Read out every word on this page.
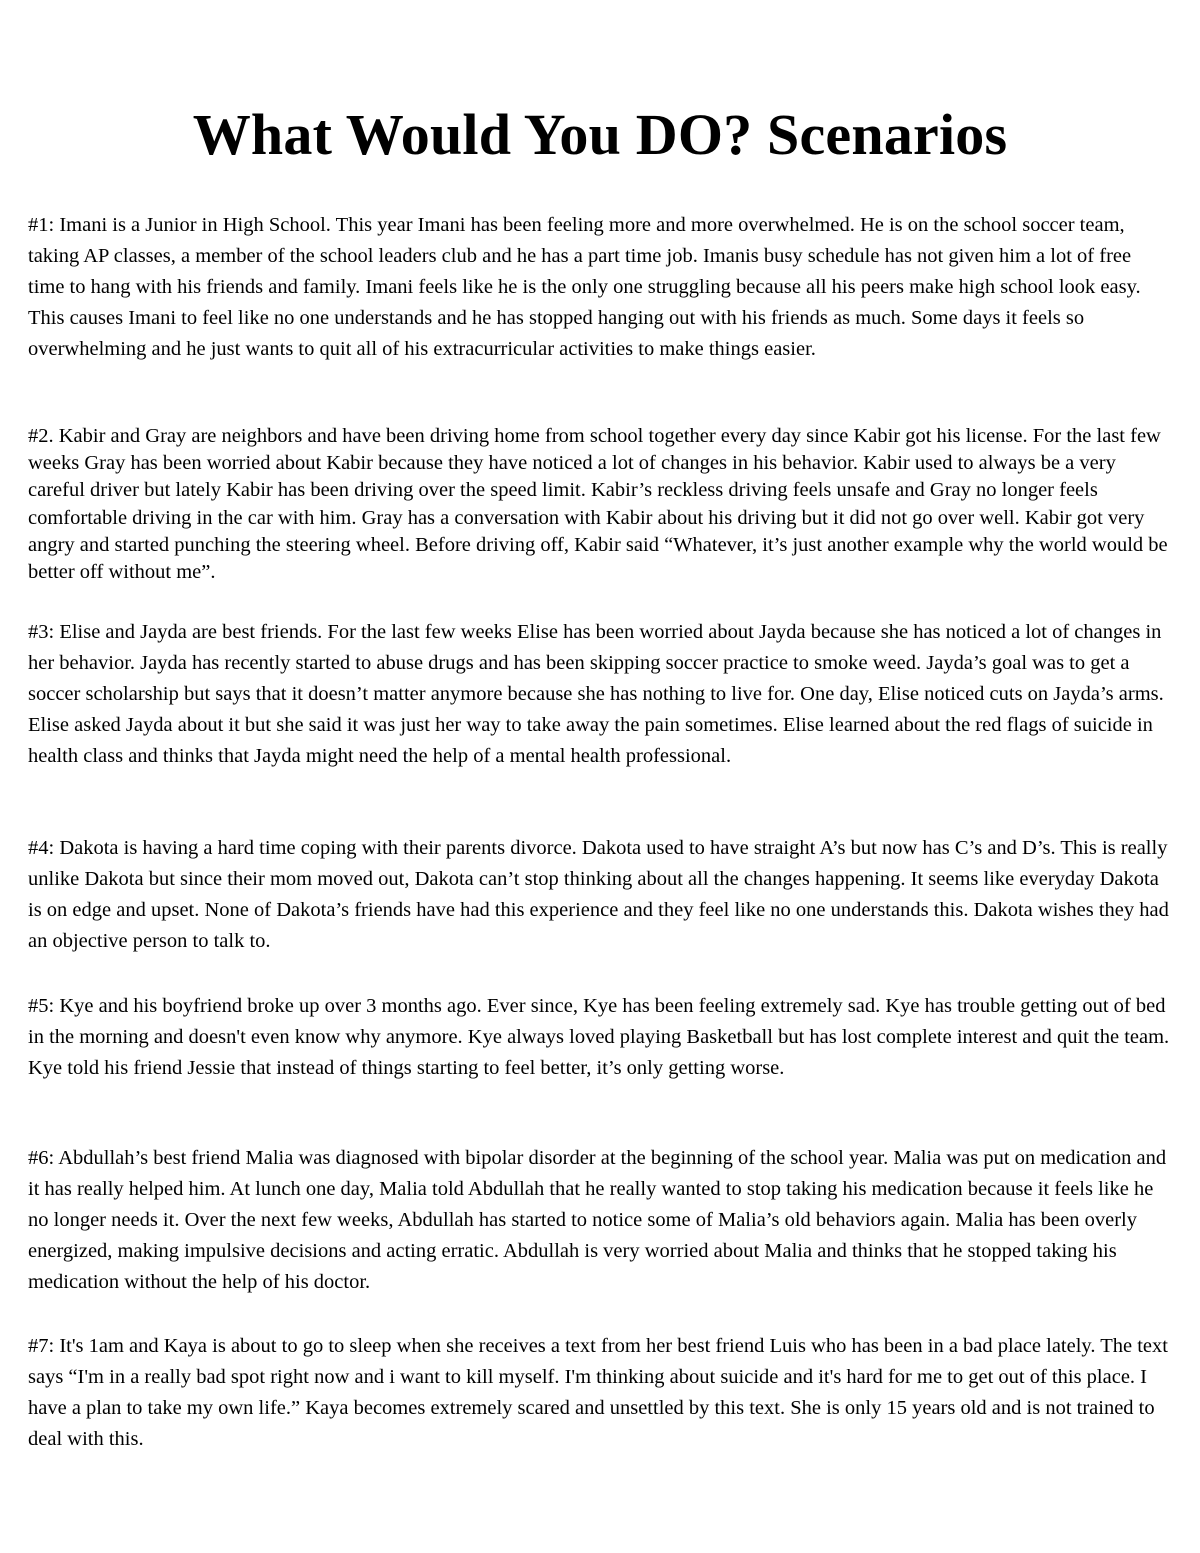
What Would You DO? Scenarios

#1: Imani is a Junior in High School. This year Imani has been feeling more and more overwhelmed. He is on the school soccer team, taking AP classes, a member of the school leaders club and he has a part time job. Imanis busy schedule has not given him a lot of free time to hang with his friends and family. Imani feels like he is the only one struggling because all his peers make high school look easy. This causes Imani to feel like no one understands and he has stopped hanging out with his friends as much. Some days it feels so overwhelming and he just wants to quit all of his extracurricular activities to make things easier.

#2. Kabir and Gray are neighbors and have been driving home from school together every day since Kabir got his license. For the last few weeks Gray has been worried about Kabir because they have noticed a lot of changes in his behavior. Kabir used to always be a very careful driver but lately Kabir has been driving over the speed limit. Kabir’s reckless driving feels unsafe and Gray no longer feels comfortable driving in the car with him. Gray has a conversation with Kabir about his driving but it did not go over well. Kabir got very angry and started punching the steering wheel. Before driving off, Kabir said “Whatever, it’s just another example why the world would be better off without me”.

#3: Elise and Jayda are best friends. For the last few weeks Elise has been worried about Jayda because she has noticed a lot of changes in her behavior. Jayda has recently started to abuse drugs and has been skipping soccer practice to smoke weed. Jayda’s goal was to get a soccer scholarship but says that it doesn’t matter anymore because she has nothing to live for. One day, Elise noticed cuts on Jayda’s arms. Elise asked Jayda about it but she said it was just her way to take away the pain sometimes. Elise learned about the red flags of suicide in health class and thinks that Jayda might need the help of a mental health professional.

#4: Dakota is having a hard time coping with their parents divorce. Dakota used to have straight A’s but now has C’s and D’s. This is really unlike Dakota but since their mom moved out, Dakota can’t stop thinking about all the changes happening. It seems like everyday Dakota is on edge and upset. None of Dakota’s friends have had this experience and they feel like no one understands this. Dakota wishes they had an objective person to talk to.

#5: Kye and his boyfriend broke up over 3 months ago. Ever since, Kye has been feeling extremely sad. Kye has trouble getting out of bed in the morning and doesn't even know why anymore. Kye always loved playing Basketball but has lost complete interest and quit the team. Kye told his friend Jessie that instead of things starting to feel better, it’s only getting worse.

#6: Abdullah’s best friend Malia was diagnosed with bipolar disorder at the beginning of the school year. Malia was put on medication and it has really helped him. At lunch one day, Malia told Abdullah that he really wanted to stop taking his medication because it feels like he no longer needs it. Over the next few weeks, Abdullah has started to notice some of Malia’s old behaviors again. Malia has been overly energized, making impulsive decisions and acting erratic. Abdullah is very worried about Malia and thinks that he stopped taking his medication without the help of his doctor.

#7: It's 1am and Kaya is about to go to sleep when she receives a text from her best friend Luis who has been in a bad place lately. The text says “I'm in a really bad spot right now and i want to kill myself. I'm thinking about suicide and it's hard for me to get out of this place. I have a plan to take my own life.” Kaya becomes extremely scared and unsettled by this text. She is only 15 years old and is not trained to deal with this.
